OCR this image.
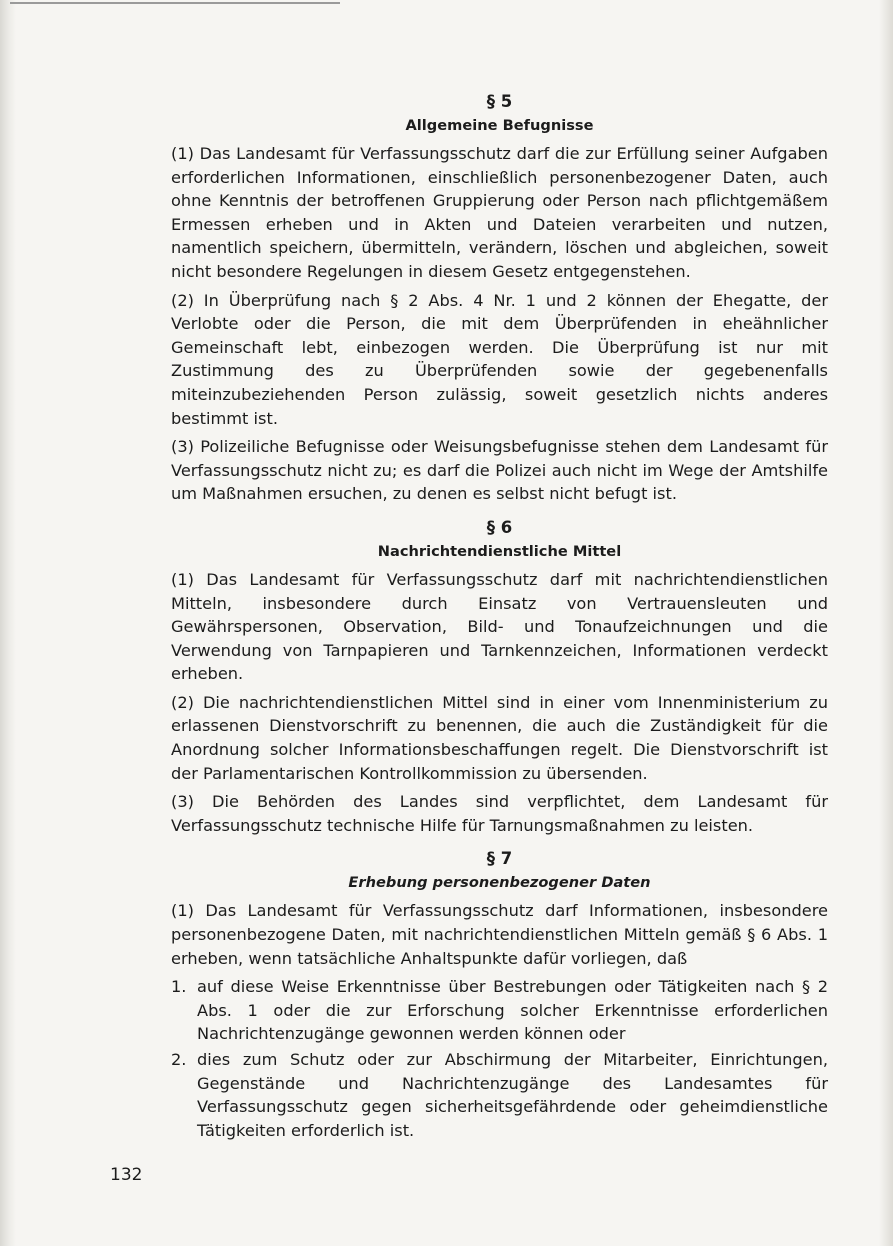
§ 5

Allgemeine Befugnisse

(1) Das Landesamt für Verfassungsschutz darf die zur Erfüllung seiner Aufgaben erforderlichen Informationen, einschließlich personenbezogener Daten, auch ohne Kenntnis der betroffenen Gruppierung oder Person nach pflichtgemäßem Ermessen erheben und in Akten und Dateien verarbeiten und nutzen, namentlich speichern, übermitteln, verändern, löschen und abgleichen, soweit nicht besondere Regelungen in diesem Gesetz entgegenstehen.

(2) In Überprüfung nach § 2 Abs. 4 Nr. 1 und 2 können der Ehegatte, der Verlobte oder die Person, die mit dem Überprüfenden in eheähnlicher Gemeinschaft lebt, einbezogen werden. Die Überprüfung ist nur mit Zustimmung des zu Überprüfenden sowie der gegebenenfalls miteinzubeziehenden Person zulässig, soweit gesetzlich nichts anderes bestimmt ist.

(3) Polizeiliche Befugnisse oder Weisungsbefugnisse stehen dem Landesamt für Verfassungsschutz nicht zu; es darf die Polizei auch nicht im Wege der Amtshilfe um Maßnahmen ersuchen, zu denen es selbst nicht befugt ist.

§ 6

Nachrichtendienstliche Mittel

(1) Das Landesamt für Verfassungsschutz darf mit nachrichtendienstlichen Mitteln, insbesondere durch Einsatz von Vertrauensleuten und Gewährspersonen, Observation, Bild- und Tonaufzeichnungen und die Verwendung von Tarnpapieren und Tarnkennzeichen, Informationen verdeckt erheben.

(2) Die nachrichtendienstlichen Mittel sind in einer vom Innenministerium zu erlassenen Dienstvorschrift zu benennen, die auch die Zuständigkeit für die Anordnung solcher Informationsbeschaffungen regelt. Die Dienstvorschrift ist der Parlamentarischen Kontrollkommission zu übersenden.

(3) Die Behörden des Landes sind verpflichtet, dem Landesamt für Verfassungsschutz technische Hilfe für Tarnungsmaßnahmen zu leisten.

§ 7

Erhebung personenbezogener Daten

(1) Das Landesamt für Verfassungsschutz darf Informationen, insbesondere personenbezogene Daten, mit nachrichtendienstlichen Mitteln gemäß § 6 Abs. 1 erheben, wenn tatsächliche Anhaltspunkte dafür vorliegen, daß

1. auf diese Weise Erkenntnisse über Bestrebungen oder Tätigkeiten nach § 2 Abs. 1 oder die zur Erforschung solcher Erkenntnisse erforderlichen Nachrichtenzugänge gewonnen werden können oder
2. dies zum Schutz oder zur Abschirmung der Mitarbeiter, Einrichtungen, Gegenstände und Nachrichtenzugänge des Landesamtes für Verfassungsschutz gegen sicherheitsgefährdende oder geheimdienstliche Tätigkeiten erforderlich ist.
132
